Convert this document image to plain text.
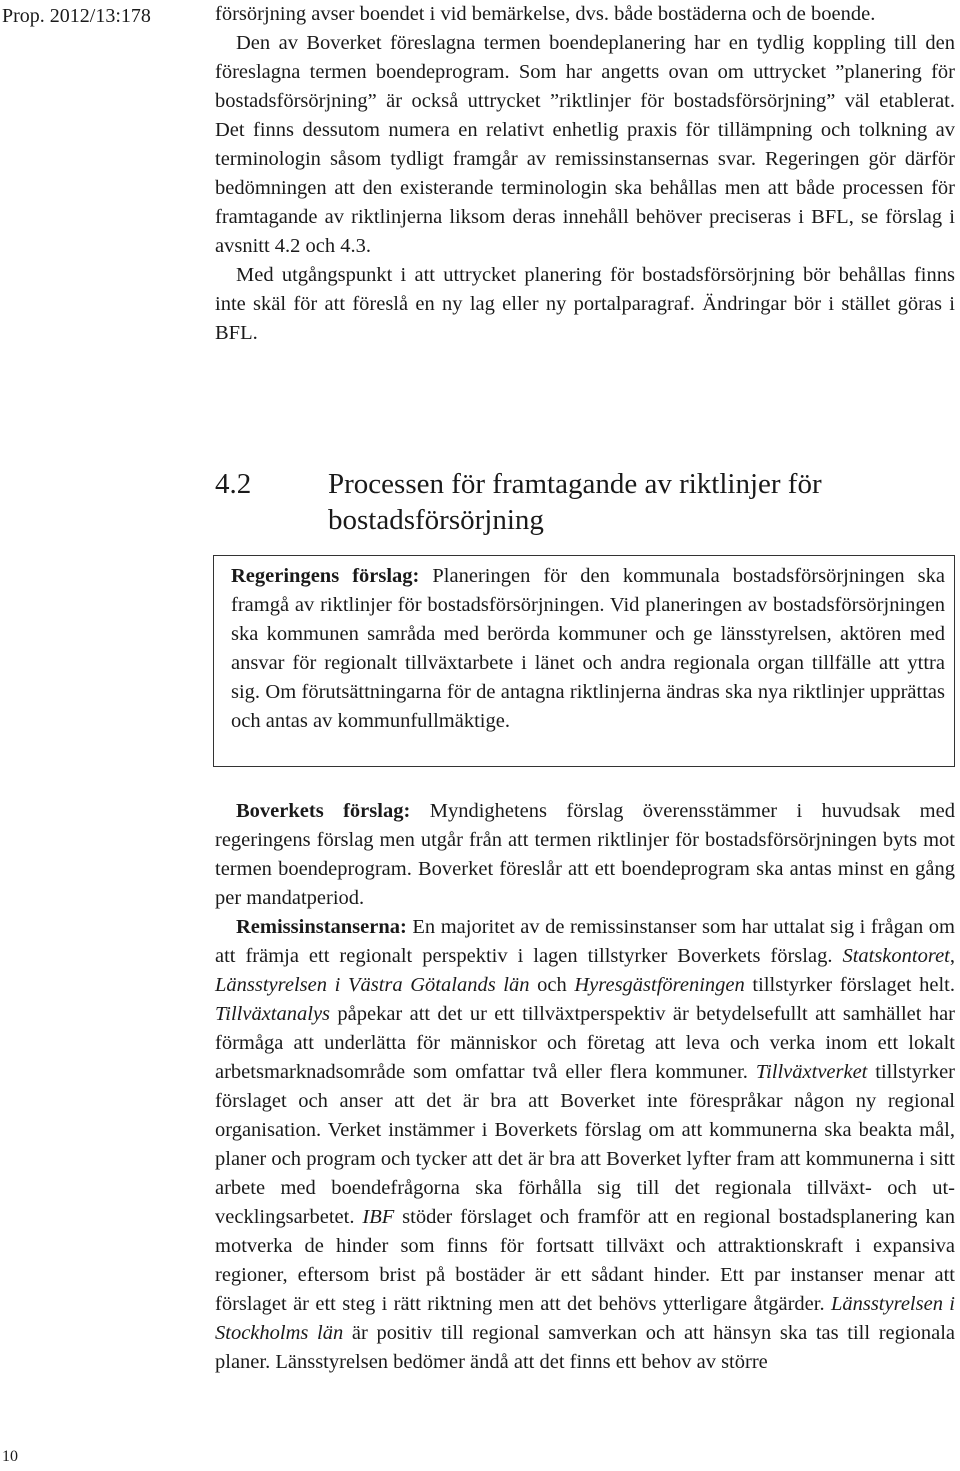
Prop. 2012/13:178	försörjning avser boendet i vid bemärkelse, dvs. både bostäderna och de boende.

Den av Boverket föreslagna termen boendeplanering har en tydlig koppling till den föreslagna termen boendeprogram. Som har angetts ovan om uttrycket ”planering för bostadsförsörjning” är också uttrycket ”riktlinjer för bostadsförsörjning” väl etablerat. Det finns dessutom numera en relativt enhetlig praxis för tillämpning och tolkning av terminologin såsom tydligt framgår av remissinstansernas svar. Regeringen gör därför bedömningen att den existerande terminologin ska behållas men att både processen för framtagande av riktlinjerna liksom deras innehåll behöver preciseras i BFL, se förslag i avsnitt 4.2 och 4.3.

Med utgångspunkt i att uttrycket planering för bostadsförsörjning bör behållas finns inte skäl för att föreslå en ny lag eller ny portalparagraf. Ändringar bör i stället göras i BFL.

4.2	Processen för framtagande av riktlinjer för bostadsförsörjning

Regeringens förslag: Planeringen för den kommunala bostadsförsörjningen ska framgå av riktlinjer för bostadsförsörjningen. Vid planeringen av bostadsförsörjningen ska kommunen samråda med berörda kommuner och ge länsstyrelsen, aktören med ansvar för regionalt tillväxtarbete i länet och andra regionala organ tillfälle att yttra sig. Om förutsättningarna för de antagna riktlinjerna ändras ska nya riktlinjer upprättas och antas av kommunfullmäktige.

Boverkets förslag: Myndighetens förslag överensstämmer i huvudsak med regeringens förslag men utgår från att termen riktlinjer för bostadsförsörjningen byts mot termen boendeprogram. Boverket föreslår att ett boendeprogram ska antas minst en gång per mandatperiod.

Remissinstanserna: En majoritet av de remissinstanser som har uttalat sig i frågan om att främja ett regionalt perspektiv i lagen tillstyrker Boverkets förslag. Statskontoret, Länsstyrelsen i Västra Götalands län och Hyresgästföreningen tillstyrker förslaget helt. Tillväxtanalys påpekar att det ur ett tillväxtperspektiv är betydelsefullt att samhället har förmåga att underlätta för människor och företag att leva och verka inom ett lokalt arbetsmarknadsområde som omfattar två eller flera kommuner. Tillväxtverket tillstyrker förslaget och anser att det är bra att Boverket inte förespråkar någon ny regional organisation. Verket instämmer i Boverkets förslag om att kommunerna ska beakta mål, planer och program och tycker att det är bra att Boverket lyfter fram att kommunerna i sitt arbete med boendefrågorna ska förhålla sig till det regionala tillväxt- och utvecklingsarbetet. IBF stöder förslaget och framför att en regional bostadsplanering kan motverka de hinder som finns för fortsatt tillväxt och attraktionskraft i expansiva regioner, eftersom brist på bostäder är ett sådant hinder. Ett par instanser menar att förslaget är ett steg i rätt riktning men att det behövs ytterligare åtgärder. Länsstyrelsen i Stockholms län är positiv till regional samverkan och att hänsyn ska tas till regionala planer. Länsstyrelsen bedömer ändå att det finns ett behov av större

10
